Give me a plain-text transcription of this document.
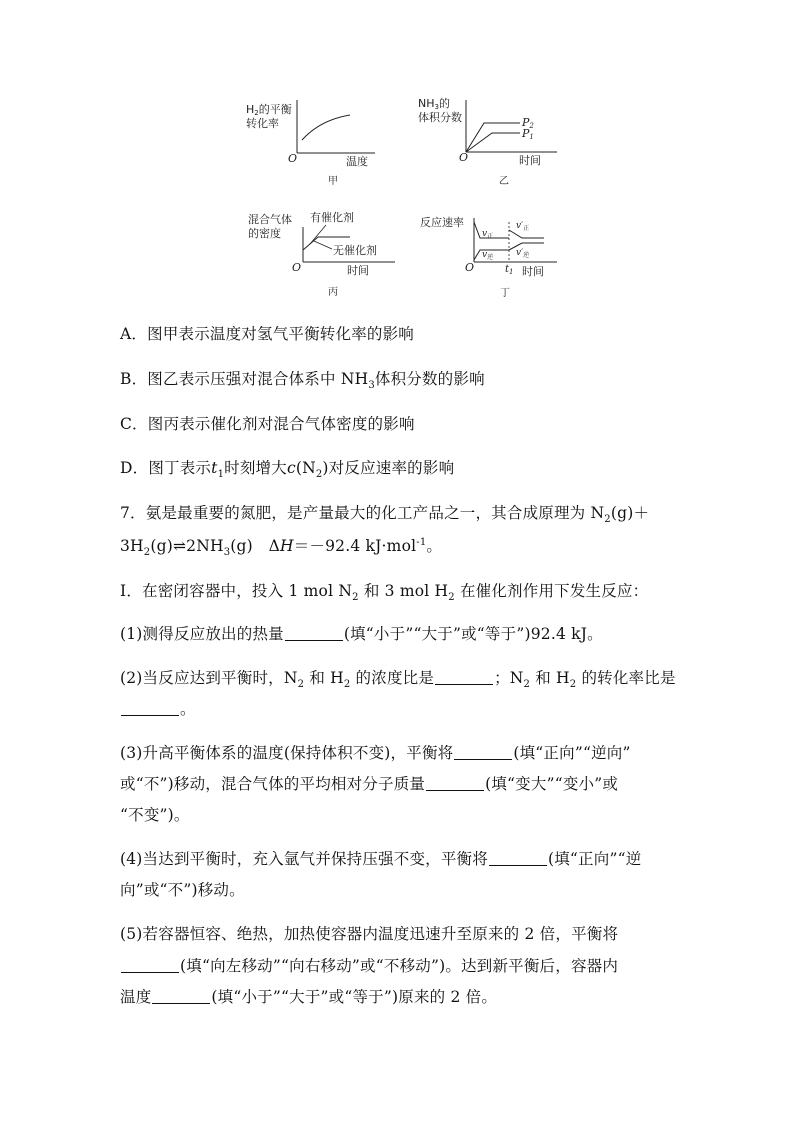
H2的平衡
转化率
O	温度
甲
NH3的
体积分数	P2
P1
O	时间
乙
混合气体
的密度
有催化剂
无催化剂
O	时间
丙
反应速率
$v_正$
$v_逆$
$v'_正$
$v'_逆$
O	$t_1$ 时间
丁
A．图甲表示温度对氢气平衡转化率的影响
B．图乙表示压强对混合体系中 $NH_3$体积分数的影响
C．图丙表示催化剂对混合气体密度的影响
D．图丁表示$t_1$时刻增大$c(N_2)$对反应速率的影响
7．氨是最重要的氮肥，是产量最大的化工产品之一，其合成原理为 $N_2(g)+$
$3H_2(g)\rightleftharpoons 2NH_3(g)$　ΔH＝－92.4 kJ·mol$^{-1}$。
Ⅰ．在密闭容器中，投入 1 mol $N_2$ 和 3 mol $H_2$ 在催化剂作用下发生反应：
(1)测得反应放出的热量	(填“小于”“大于”或“等于”)92.4 kJ。
(2)当反应达到平衡时，$N_2$ 和 $H_2$ 的浓度比是	；$N_2$ 和 $H_2$ 的转化率比是
。
(3)升高平衡体系的温度(保持体积不变)，平衡将	(填“正向”“逆向”
或“不”)移动，混合气体的平均相对分子质量	(填“变大”“变小”或
“不变”)。
(4)当达到平衡时，充入氩气并保持压强不变，平衡将	(填“正向”“逆
向”或“不”)移动。
(5)若容器恒容、绝热，加热使容器内温度迅速升至原来的 2 倍，平衡将
(填“向左移动”“向右移动”或“不移动”)。达到新平衡后，容器内
温度	(填“小于”“大于”或“等于”)原来的 2 倍。
